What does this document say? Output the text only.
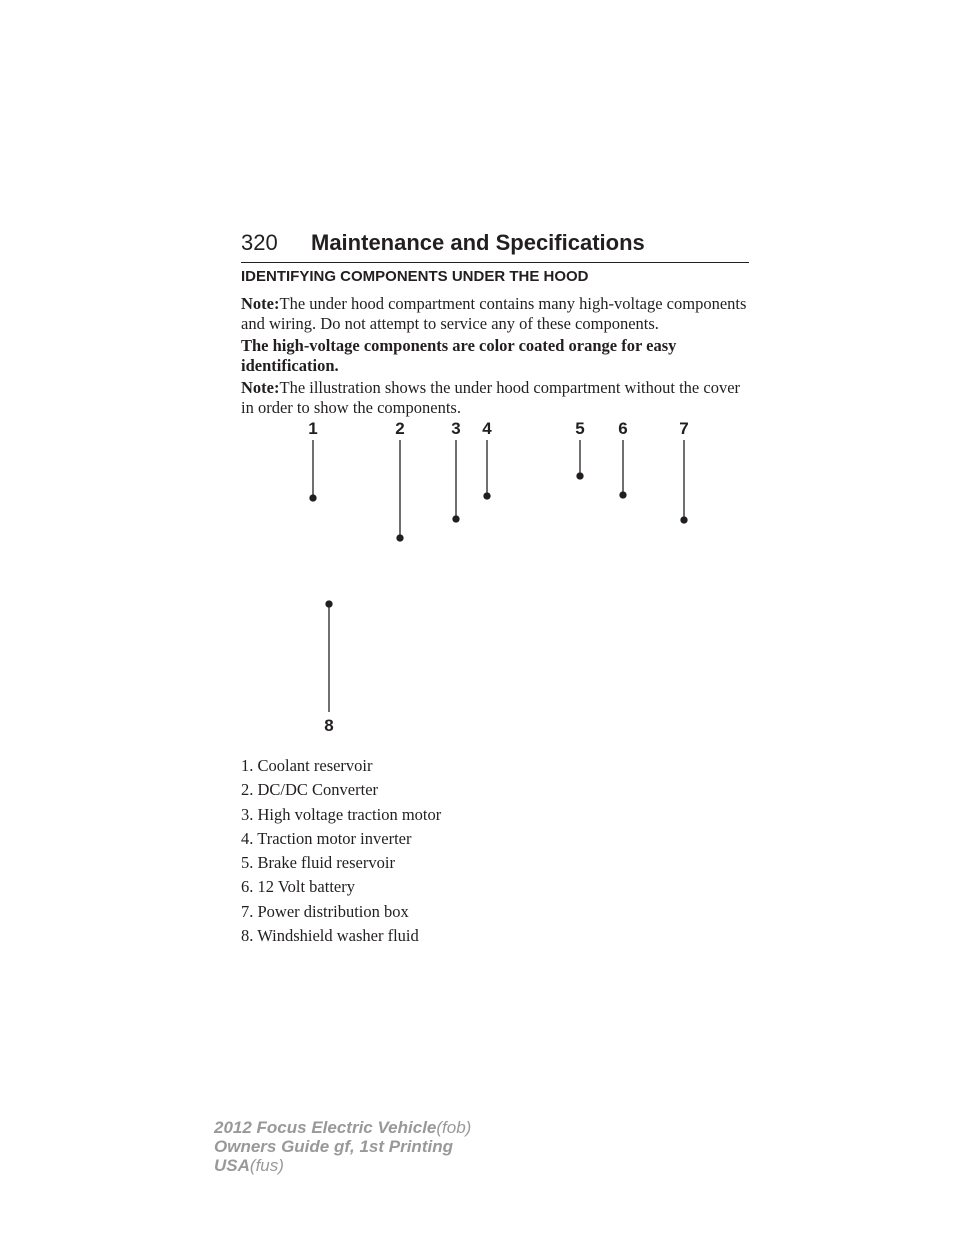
320 Maintenance and Specifications
IDENTIFYING COMPONENTS UNDER THE HOOD
Note:The under hood compartment contains many high-voltage components and wiring. Do not attempt to service any of these components.
The high-voltage components are color coated orange for easy identification.
Note:The illustration shows the under hood compartment without the cover in order to show the components.
1	2	3 4	5 6	7
8
1. Coolant reservoir
2. DC/DC Converter
3. High voltage traction motor
4. Traction motor inverter
5. Brake fluid reservoir
6. 12 Volt battery
7. Power distribution box
8. Windshield washer fluid
2012 Focus Electric Vehicle(fob)
Owners Guide gf, 1st Printing
USA(fus)
